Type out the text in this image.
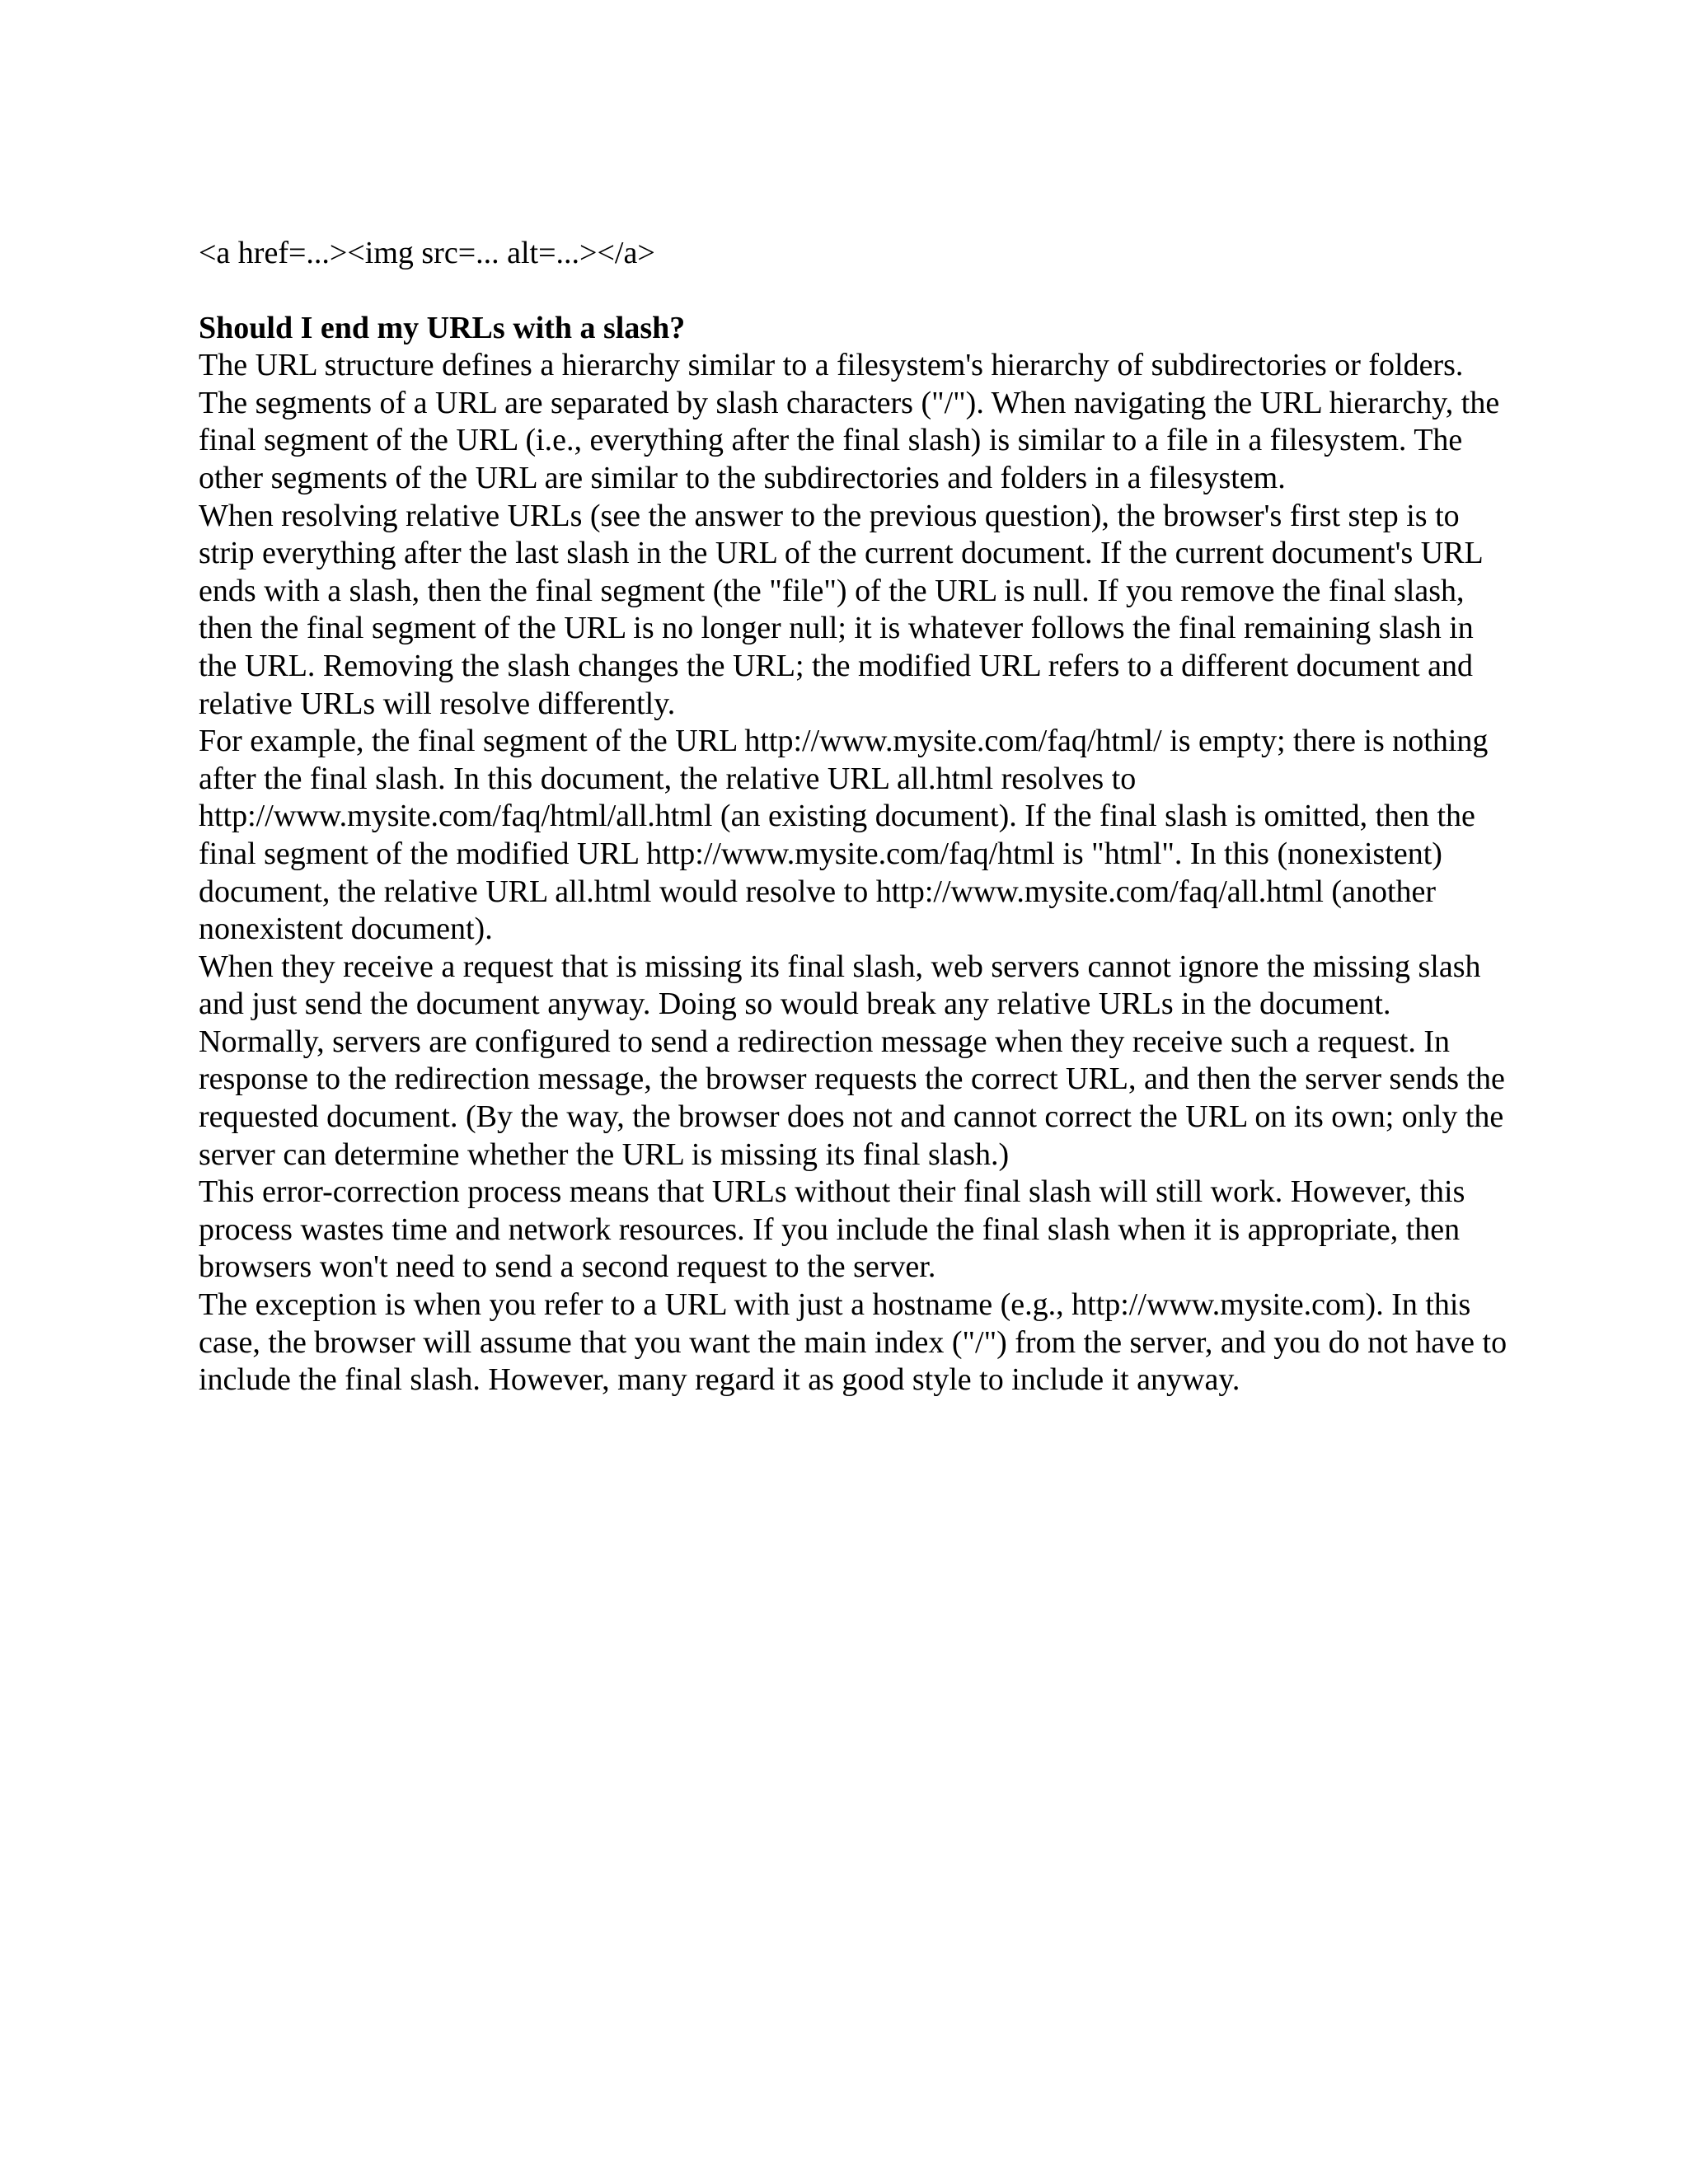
<a href=...><img src=... alt=...></a>

Should I end my URLs with a slash?

The URL structure defines a hierarchy similar to a filesystem's hierarchy of subdirectories or folders. The segments of a URL are separated by slash characters ("/"). When navigating the URL hierarchy, the final segment of the URL (i.e., everything after the final slash) is similar to a file in a filesystem. The other segments of the URL are similar to the subdirectories and folders in a filesystem.

When resolving relative URLs (see the answer to the previous question), the browser's first step is to strip everything after the last slash in the URL of the current document. If the current document's URL ends with a slash, then the final segment (the "file") of the URL is null. If you remove the final slash, then the final segment of the URL is no longer null; it is whatever follows the final remaining slash in the URL. Removing the slash changes the URL; the modified URL refers to a different document and relative URLs will resolve differently.

For example, the final segment of the URL http://www.mysite.com/faq/html/ is empty; there is nothing after the final slash. In this document, the relative URL all.html resolves to http://www.mysite.com/faq/html/all.html (an existing document). If the final slash is omitted, then the final segment of the modified URL http://www.mysite.com/faq/html is "html". In this (nonexistent) document, the relative URL all.html would resolve to http://www.mysite.com/faq/all.html (another nonexistent document).

When they receive a request that is missing its final slash, web servers cannot ignore the missing slash and just send the document anyway. Doing so would break any relative URLs in the document. Normally, servers are configured to send a redirection message when they receive such a request. In response to the redirection message, the browser requests the correct URL, and then the server sends the requested document. (By the way, the browser does not and cannot correct the URL on its own; only the server can determine whether the URL is missing its final slash.)

This error-correction process means that URLs without their final slash will still work. However, this process wastes time and network resources. If you include the final slash when it is appropriate, then browsers won't need to send a second request to the server.

The exception is when you refer to a URL with just a hostname (e.g., http://www.mysite.com). In this case, the browser will assume that you want the main index ("/") from the server, and you do not have to include the final slash. However, many regard it as good style to include it anyway.
